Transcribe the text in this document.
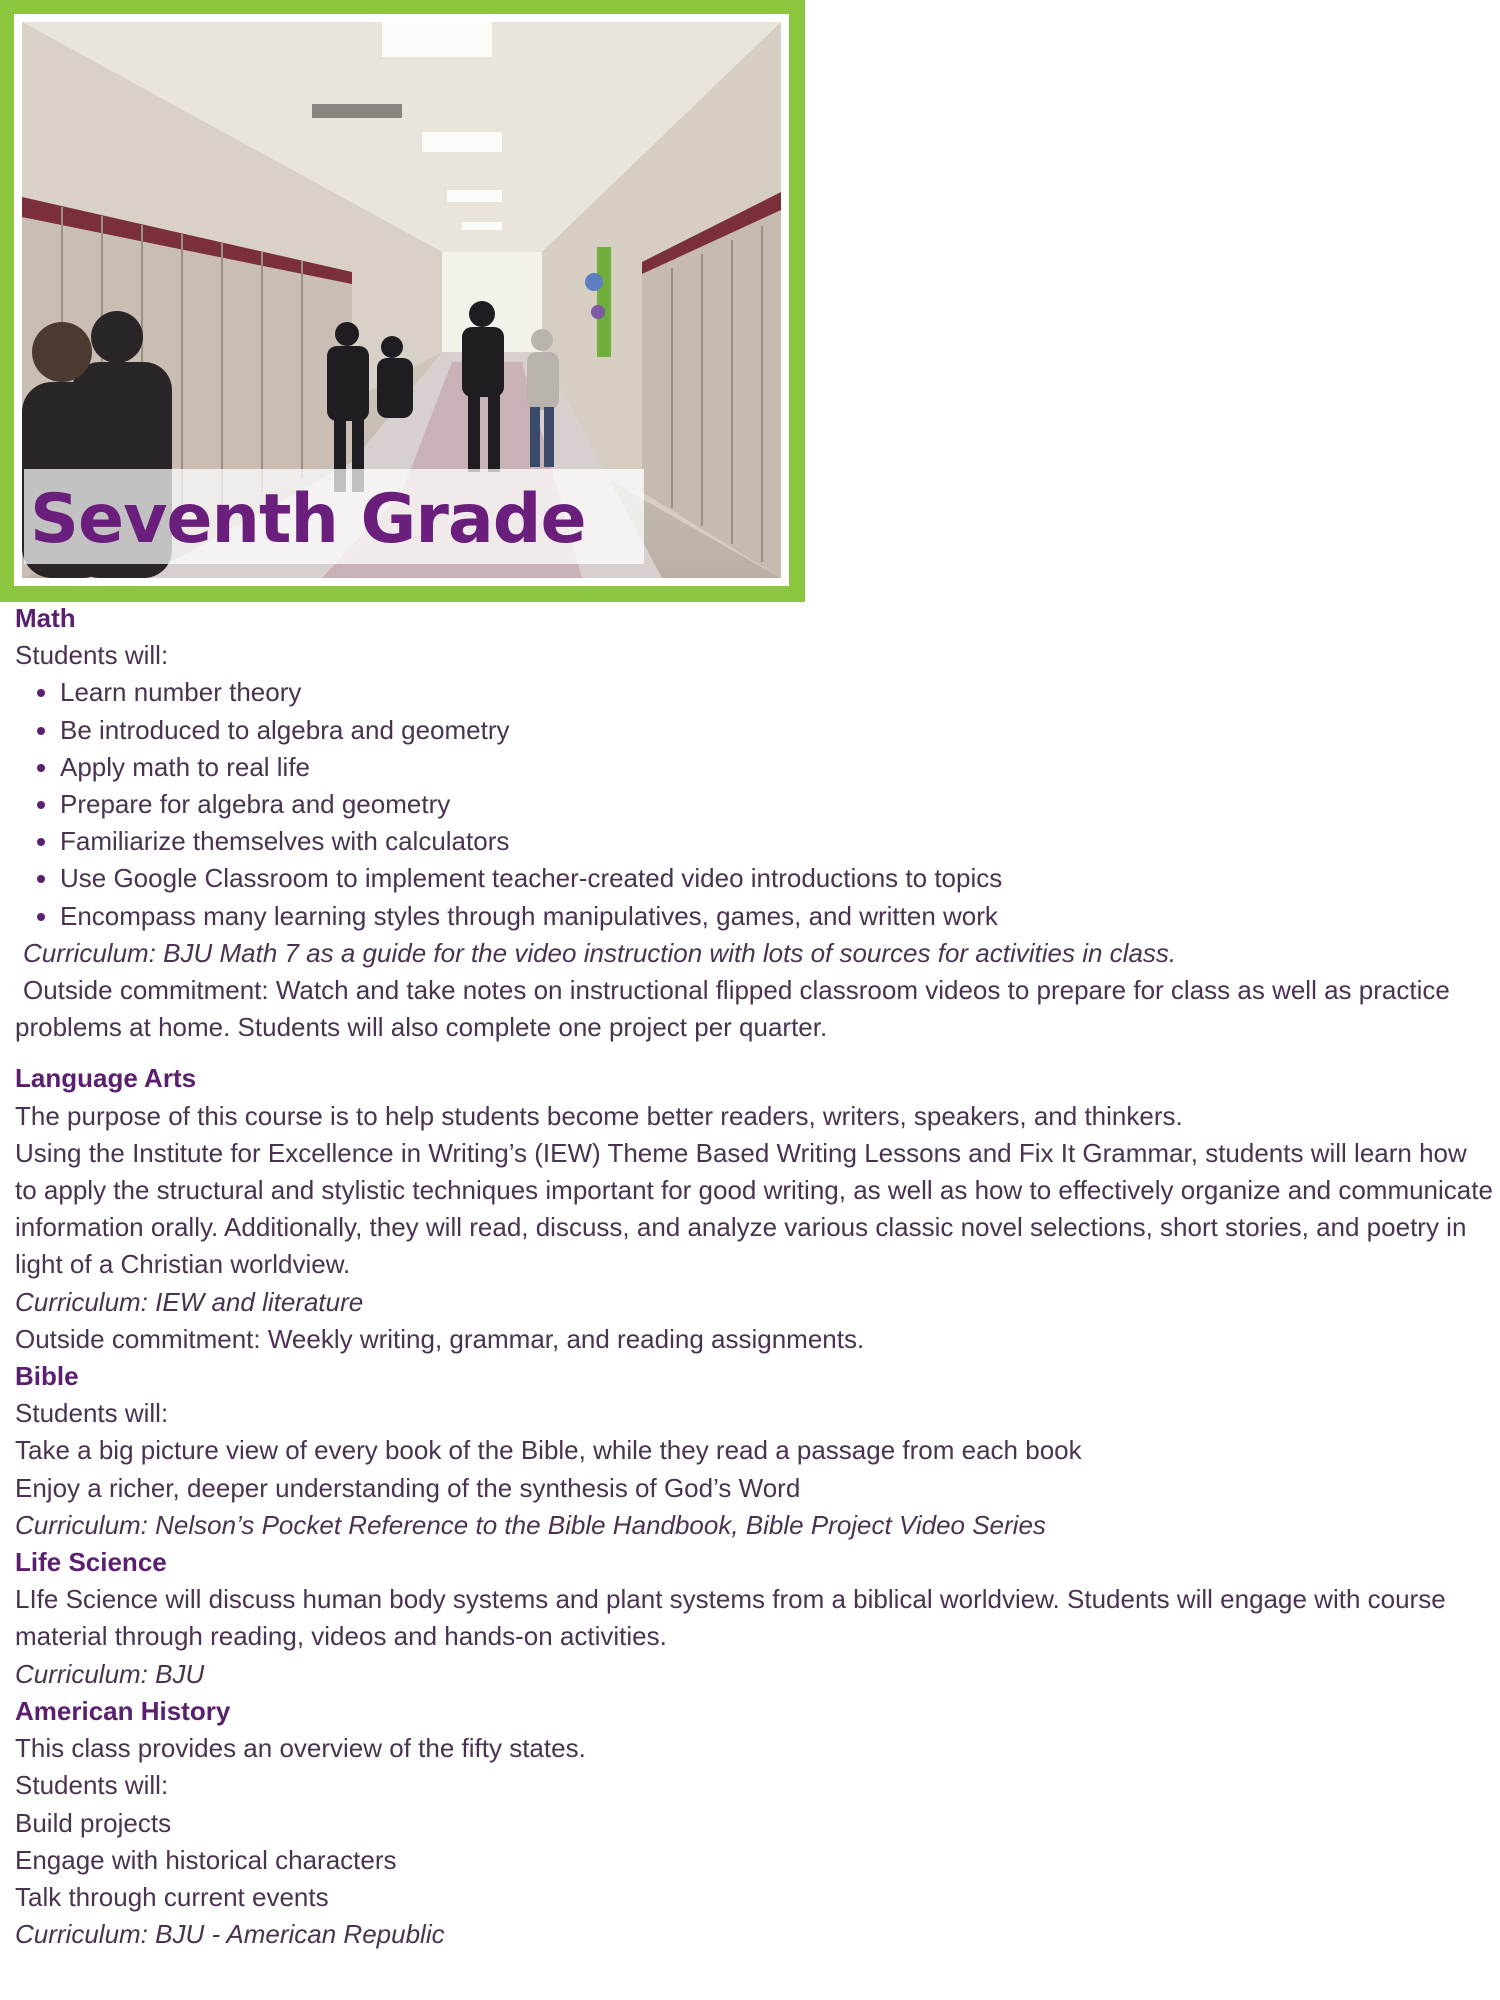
Seventh Grade

Math

Students will:

• Learn number theory
• Be introduced to algebra and geometry
• Apply math to real life
• Prepare for algebra and geometry
• Familiarize themselves with calculators
• Use Google Classroom to implement teacher-created video introductions to topics
• Encompass many learning styles through manipulatives, games, and written work

Curriculum: BJU Math 7 as a guide for the video instruction with lots of sources for activities in class.

Outside commitment: Watch and take notes on instructional flipped classroom videos to prepare for class as well as practice problems at home. Students will also complete one project per quarter.

Language Arts

The purpose of this course is to help students become better readers, writers, speakers, and thinkers.

Using the Institute for Excellence in Writing’s (IEW) Theme Based Writing Lessons and Fix It Grammar, students will learn how to apply the structural and stylistic techniques important for good writing, as well as how to effectively organize and communicate information orally. Additionally, they will read, discuss, and analyze various classic novel selections, short stories, and poetry in light of a Christian worldview.

Curriculum: IEW and literature

Outside commitment: Weekly writing, grammar, and reading assignments.

Bible

Students will:

Take a big picture view of every book of the Bible, while they read a passage from each book

Enjoy a richer, deeper understanding of the synthesis of God’s Word

Curriculum: Nelson’s Pocket Reference to the Bible Handbook, Bible Project Video Series

Life Science

LIfe Science will discuss human body systems and plant systems from a biblical worldview. Students will engage with course material through reading, videos and hands-on activities.

Curriculum: BJU

American History

This class provides an overview of the fifty states.

Students will:

Build projects

Engage with historical characters

Talk through current events

Curriculum: BJU - American Republic
